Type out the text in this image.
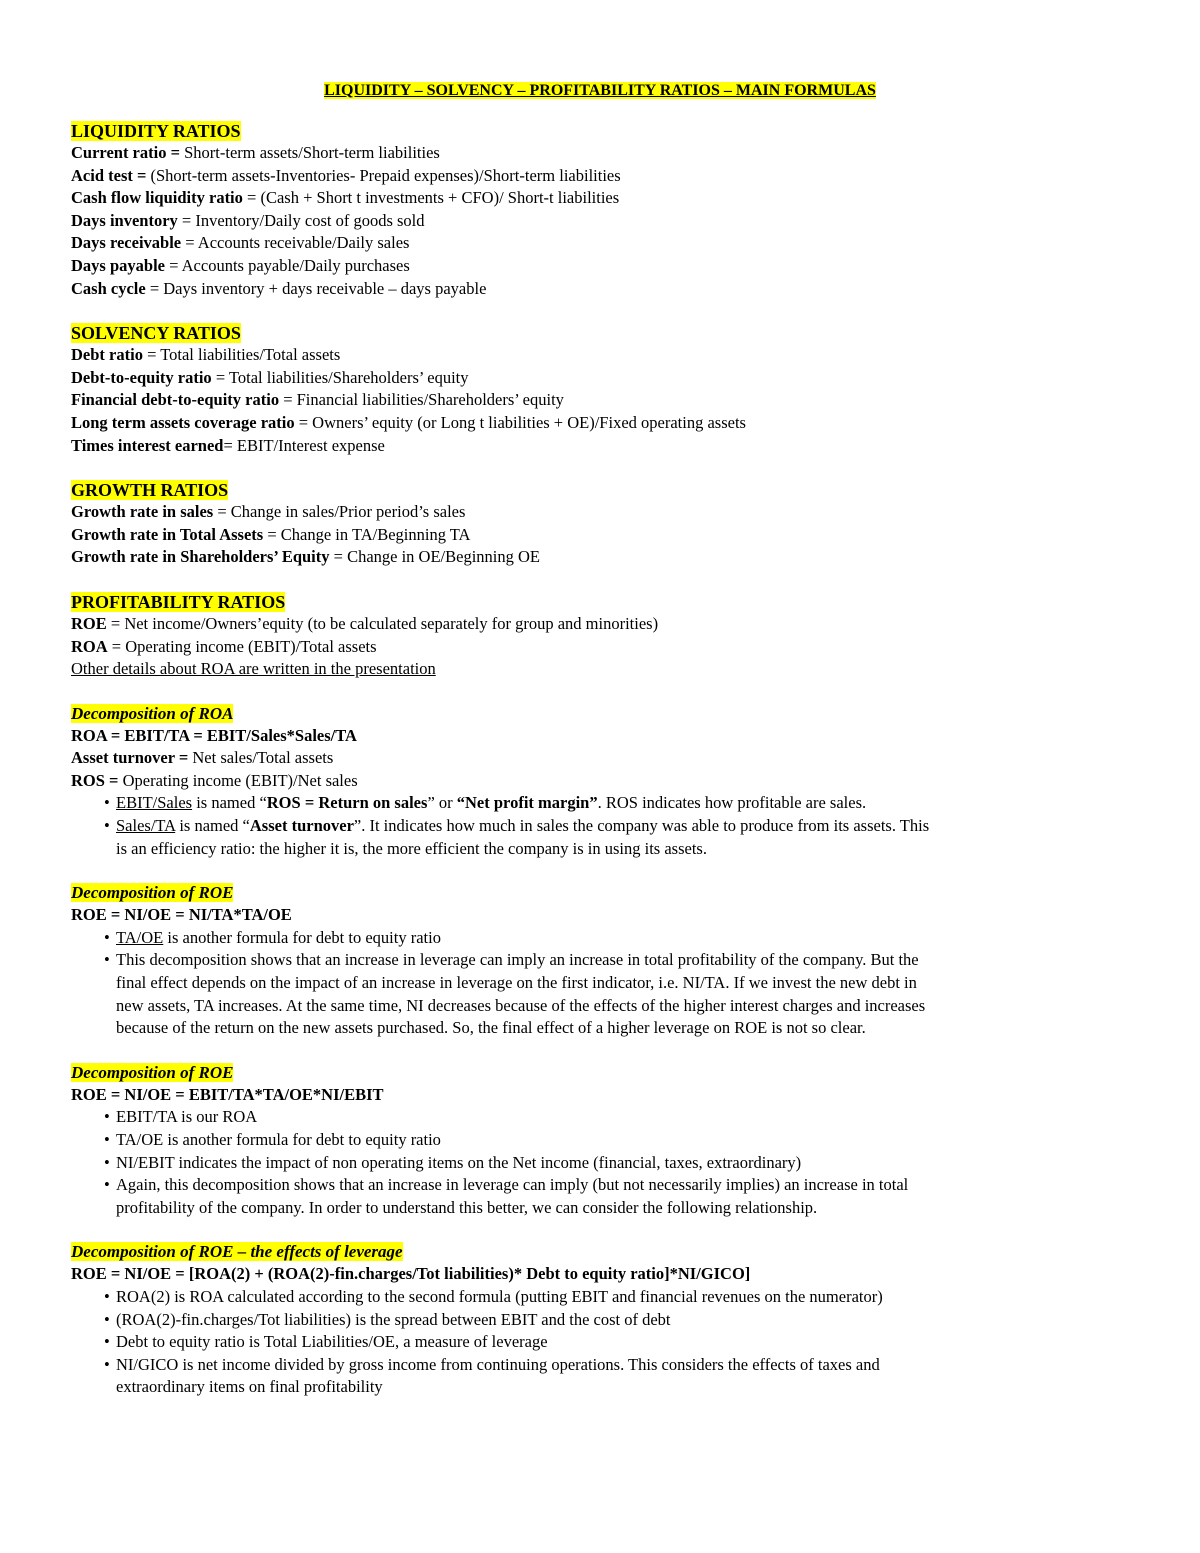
LIQUIDITY – SOLVENCY – PROFITABILITY RATIOS – MAIN FORMULAS
LIQUIDITY RATIOS
Current ratio = Short-term assets/Short-term liabilities
Acid test = (Short-term assets-Inventories- Prepaid expenses)/Short-term liabilities
Cash flow liquidity ratio = (Cash + Short t investments + CFO)/ Short-t liabilities
Days inventory = Inventory/Daily cost of goods sold
Days receivable = Accounts receivable/Daily sales
Days payable = Accounts payable/Daily purchases
Cash cycle = Days inventory + days receivable – days payable
SOLVENCY RATIOS
Debt ratio = Total liabilities/Total assets
Debt-to-equity ratio = Total liabilities/Shareholders’ equity
Financial debt-to-equity ratio = Financial liabilities/Shareholders’ equity
Long term assets coverage ratio = Owners’ equity (or Long t liabilities + OE)/Fixed operating assets
Times interest earned= EBIT/Interest expense
GROWTH RATIOS
Growth rate in sales = Change in sales/Prior period’s sales
Growth rate in Total Assets = Change in TA/Beginning TA
Growth rate in Shareholders’ Equity = Change in OE/Beginning OE
PROFITABILITY RATIOS
ROE = Net income/Owners’equity (to be calculated separately for group and minorities)
ROA = Operating income (EBIT)/Total assets
Other details about ROA are written in the presentation
Decomposition of ROA
ROA = EBIT/TA = EBIT/Sales*Sales/TA
Asset turnover = Net sales/Total assets
ROS = Operating income (EBIT)/Net sales
• EBIT/Sales is named “ROS = Return on sales” or “Net profit margin”. ROS indicates how profitable are sales.
• Sales/TA is named “Asset turnover”. It indicates how much in sales the company was able to produce from its assets. This
is an efficiency ratio: the higher it is, the more efficient the company is in using its assets.
Decomposition of ROE
ROE = NI/OE = NI/TA*TA/OE
• TA/OE is another formula for debt to equity ratio
• This decomposition shows that an increase in leverage can imply an increase in total profitability of the company. But the
final effect depends on the impact of an increase in leverage on the first indicator, i.e. NI/TA. If we invest the new debt in
new assets, TA increases. At the same time, NI decreases because of the effects of the higher interest charges and increases
because of the return on the new assets purchased. So, the final effect of a higher leverage on ROE is not so clear.
Decomposition of ROE
ROE = NI/OE = EBIT/TA*TA/OE*NI/EBIT
• EBIT/TA is our ROA
• TA/OE is another formula for debt to equity ratio
• NI/EBIT indicates the impact of non operating items on the Net income (financial, taxes, extraordinary)
• Again, this decomposition shows that an increase in leverage can imply (but not necessarily implies) an increase in total
profitability of the company. In order to understand this better, we can consider the following relationship.
Decomposition of ROE – the effects of leverage
ROE = NI/OE = [ROA(2) + (ROA(2)-fin.charges/Tot liabilities)* Debt to equity ratio]*NI/GICO]
• ROA(2) is ROA calculated according to the second formula (putting EBIT and financial revenues on the numerator)
• (ROA(2)-fin.charges/Tot liabilities) is the spread between EBIT and the cost of debt
• Debt to equity ratio is Total Liabilities/OE, a measure of leverage
• NI/GICO is net income divided by gross income from continuing operations. This considers the effects of taxes and
extraordinary items on final profitability
